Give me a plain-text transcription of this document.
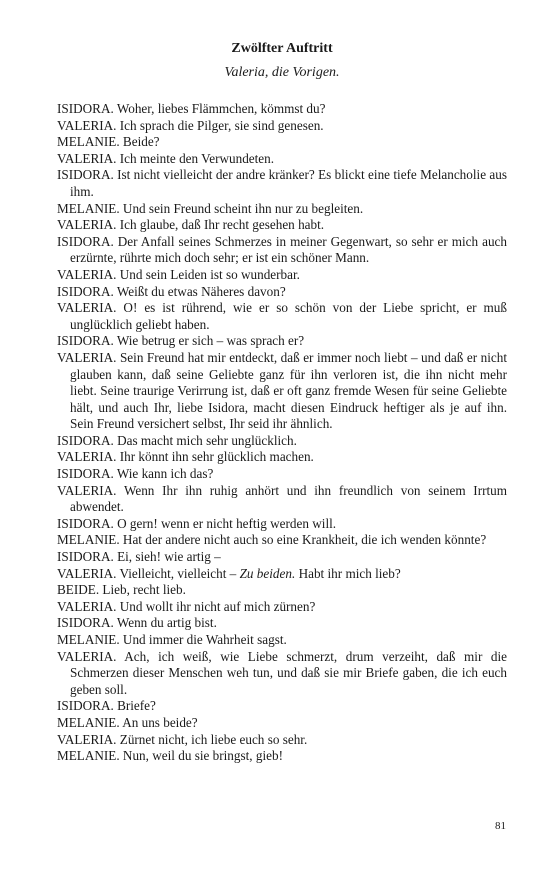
Zwölfter Auftritt
Valeria, die Vorigen.

ISIDORA. Woher, liebes Flämmchen, kömmst du?

VALERIA. Ich sprach die Pilger, sie sind genesen.

MELANIE. Beide?

VALERIA. Ich meinte den Verwundeten.

ISIDORA. Ist nicht vielleicht der andre kränker? Es blickt eine tiefe Melancholie aus ihm.

MELANIE. Und sein Freund scheint ihn nur zu begleiten.

VALERIA. Ich glaube, daß Ihr recht gesehen habt.

ISIDORA. Der Anfall seines Schmerzes in meiner Gegenwart, so sehr er mich auch erzürnte, rührte mich doch sehr; er ist ein schöner Mann.

VALERIA. Und sein Leiden ist so wunderbar.

ISIDORA. Weißt du etwas Näheres davon?

VALERIA. O! es ist rührend, wie er so schön von der Liebe spricht, er muß unglücklich geliebt haben.

ISIDORA. Wie betrug er sich – was sprach er?

VALERIA. Sein Freund hat mir entdeckt, daß er immer noch liebt – und daß er nicht glauben kann, daß seine Geliebte ganz für ihn verloren ist, die ihn nicht mehr liebt. Seine traurige Verirrung ist, daß er oft ganz fremde Wesen für seine Geliebte hält, und auch Ihr, liebe Isidora, macht diesen Eindruck heftiger als je auf ihn. Sein Freund versichert selbst, Ihr seid ihr ähnlich.

ISIDORA. Das macht mich sehr unglücklich.

VALERIA. Ihr könnt ihn sehr glücklich machen.

ISIDORA. Wie kann ich das?

VALERIA. Wenn Ihr ihn ruhig anhört und ihn freundlich von seinem Irrtum abwendet.

ISIDORA. O gern! wenn er nicht heftig werden will.

MELANIE. Hat der andere nicht auch so eine Krankheit, die ich wenden könnte?

ISIDORA. Ei, sieh! wie artig –

VALERIA. Vielleicht, vielleicht – Zu beiden. Habt ihr mich lieb?

BEIDE. Lieb, recht lieb.

VALERIA. Und wollt ihr nicht auf mich zürnen?

ISIDORA. Wenn du artig bist.

MELANIE. Und immer die Wahrheit sagst.

VALERIA. Ach, ich weiß, wie Liebe schmerzt, drum verzeiht, daß mir die Schmerzen dieser Menschen weh tun, und daß sie mir Briefe gaben, die ich euch geben soll.

ISIDORA. Briefe?

MELANIE. An uns beide?

VALERIA. Zürnet nicht, ich liebe euch so sehr.

MELANIE. Nun, weil du sie bringst, gieb!

81
